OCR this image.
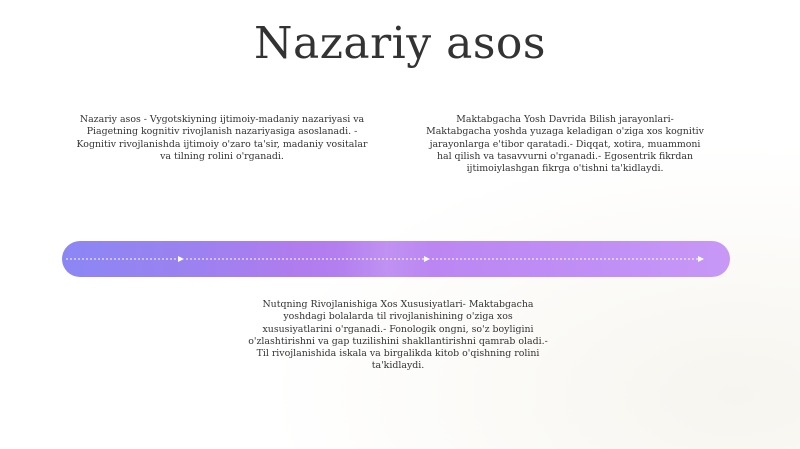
Nazariy asos

Nazariy asos - Vygotskiyning ijtimoiy-madaniy nazariyasi va Piagetning kognitiv rivojlanish nazariyasiga asoslanadi. - Kognitiv rivojlanishda ijtimoiy o'zaro ta'sir, madaniy vositalar va tilning rolini o'rganadi.

Maktabgacha Yosh Davrida Bilish jarayonlari- Maktabgacha yoshda yuzaga keladigan o'ziga xos kognitiv jarayonlarga e'tibor qaratadi.- Diqqat, xotira, muammoni hal qilish va tasavvurni o'rganadi.- Egosentrik fikrdan ijtimoiylashgan fikrga o'tishni ta'kidlaydi.

Nutqning Rivojlanishiga Xos Xususiyatlari- Maktabgacha yoshdagi bolalarda til rivojlanishining o'ziga xos xususiyatlarini o'rganadi.- Fonologik ongni, so'z boyligini o'zlashtirishni va gap tuzilishini shakllantirishni qamrab oladi.- Til rivojlanishida iskala va birgalikda kitob o'qishning rolini ta'kidlaydi.
